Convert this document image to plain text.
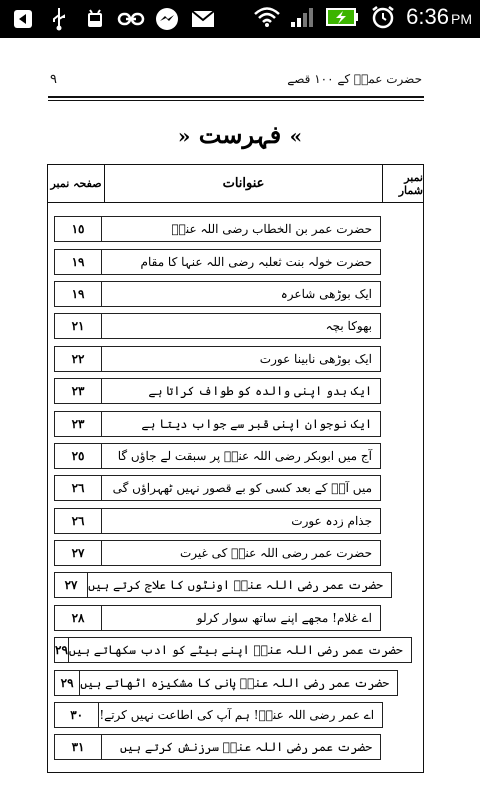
6:36 PM
حضرت عمرؓ کے ١٠٠ قصے
٩
» فہرست «
نمبر شمار
عنوانات
صفحہ نمبر
حضرت عمر بن الخطاب رضی اللہ عنہٗ
١٥
حضرت خولہ بنت ثعلبہ رضی اللہ عنہا کا مقام
١٩
ایک بوڑھی شاعرہ
١٩
بھوکا بچہ
٢١
ایک بوڑھی نابینا عورت
٢٢
ایک بدو اپنی والدہ کو طواف کراتا ہے
٢٣
ایک نوجوان اپنی قبر سے جواب دیتا ہے
٢٣
آج میں ابوبکر رضی اللہ عنہٗ پر سبقت لے جاؤں گا
٢٥
میں آپؐ کے بعد کسی کو بے قصور نہیں ٹھہراؤں گی
٢٦
جذام زدہ عورت
٢٦
حضرت عمر رضی اللہ عنہٗ کی غیرت
٢٧
حضرت عمر رضی اللہ عنہٗ اونٹوں کا علاج کرتے ہیں
٢٧
اے غلام! مجھے اپنے ساتھ سوار کرلو
٢٨
حضرت عمر رضی اللہ عنہٗ اپنے بیٹے کو ادب سکھاتے ہیں
٢٩
حضرت عمر رضی اللہ عنہٗ پانی کا مشکیزہ اٹھاتے ہیں
٢٩
اے عمر رضی اللہ عنہٗ! ہم آپ کی اطاعت نہیں کرتے!
٣٠
حضرت عمر رضی اللہ عنہٗ سرزنش کرتے ہیں
٣١
